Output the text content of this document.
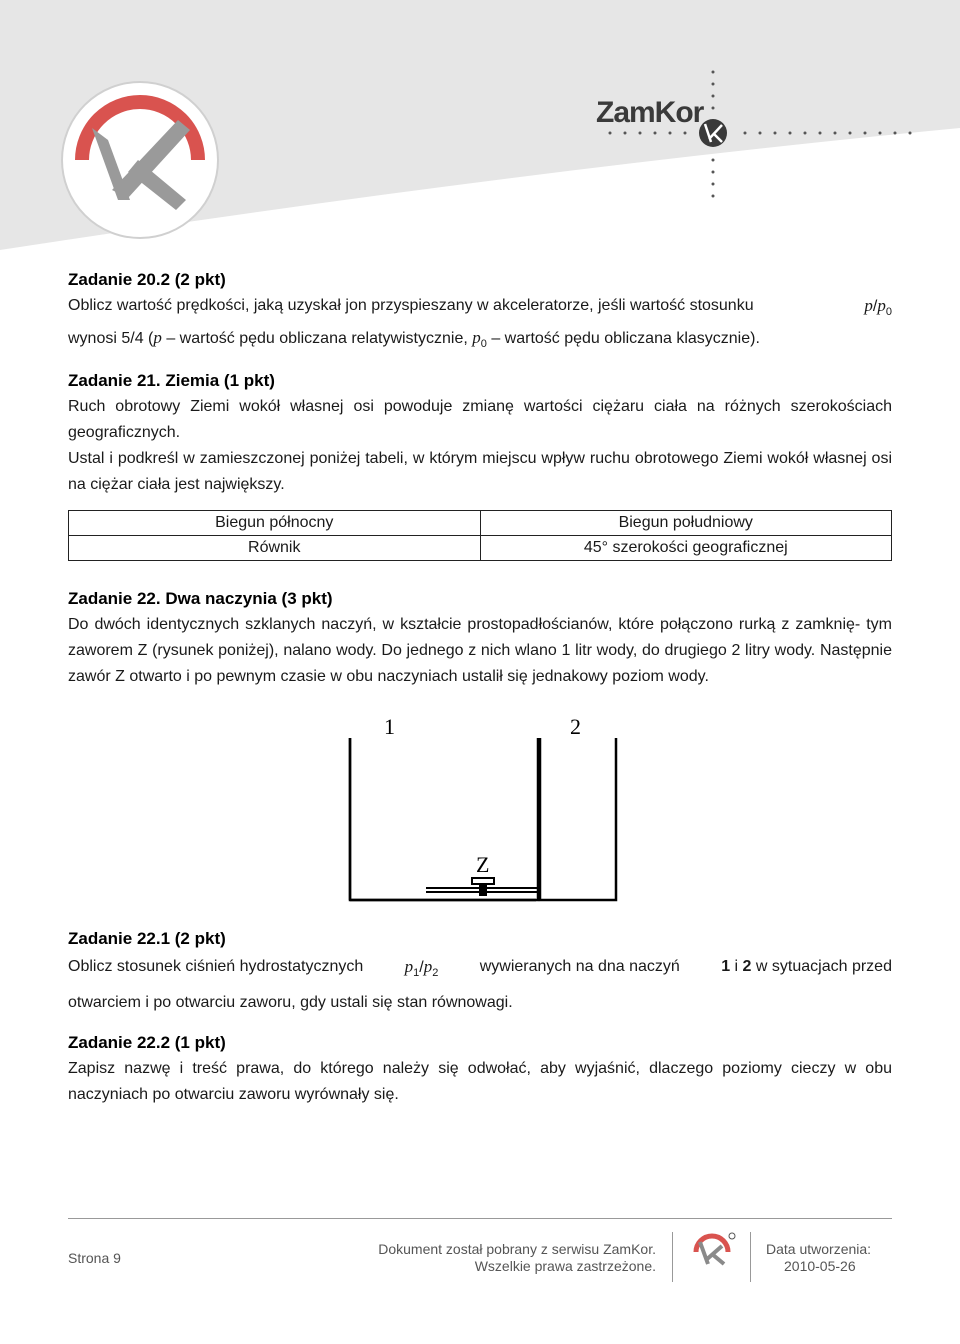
ZamKor

Zadanie 20.2 (2 pkt)

Oblicz wartość prędkości, jaką uzyskał jon przyspieszany w akceleratorze, jeśli wartość stosunku	$p/p_0$

wynosi 5/4 (p – wartość pędu obliczana relatywistycznie, $p_0$ – wartość pędu obliczana klasycznie).

Zadanie 21. Ziemia (1 pkt)

Ruch obrotowy Ziemi wokół własnej osi powoduje zmianę wartości ciężaru ciała na różnych szerokościach geograficznych.

Ustal i podkreśl w zamieszczonej poniżej tabeli, w którym miejscu wpływ ruchu obrotowego Ziemi wokół własnej osi na ciężar ciała jest największy.

Biegun północny	Biegun południowy
Równik	45° szerokości geograficznej

Zadanie 22. Dwa naczynia (3 pkt)

Do dwóch identycznych szklanych naczyń, w kształcie prostopadłościanów, które połączono rurką z zamknię- tym zaworem Z (rysunek poniżej), nalano wody. Do jednego z nich wlano 1 litr wody, do drugiego 2 litry wody. Następnie zawór Z otwarto i po pewnym czasie w obu naczyniach ustalił się jednakowy poziom wody.

1	2
Z

Zadanie 22.1 (2 pkt)

Oblicz stosunek ciśnień hydrostatycznych $p_1/p_2$	wywieranych na dna naczyń	1 i 2 w sytuacjach przed

otwarciem i po otwarciu zaworu, gdy ustali się stan równowagi.

Zadanie 22.2 (1 pkt)

Zapisz nazwę i treść prawa, do którego należy się odwołać, aby wyjaśnić, dlaczego poziomy cieczy w obu naczyniach po otwarciu zaworu wyrównały się.

Strona 9
Dokument został pobrany z serwisu ZamKor.
Wszelkie prawa zastrzeżone.
Data utworzenia:
2010-05-26
